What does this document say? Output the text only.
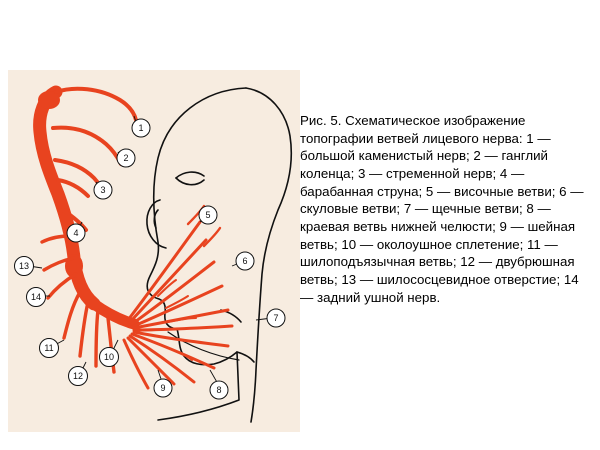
1
2
3
4
5
6
7
8
9
10
11
12
13
14

Рис. 5. Схематическое изображение топографии ветвей лицевого нерва: 1 — большой каменистый нерв; 2 — ганглий коленца; 3 — стременной нерв; 4 — барабанная струна; 5 — височные ветви; 6 — скуловые ветви; 7 — щечные ветви; 8 — краевая ветвь нижней челюсти; 9 — шейная ветвь; 10 — околоушное сплетение; 11 — шилоподъязычная ветвь; 12 — двубрюшная ветвь; 13 — шилососцевидное отверстие; 14 — задний ушной нерв.
